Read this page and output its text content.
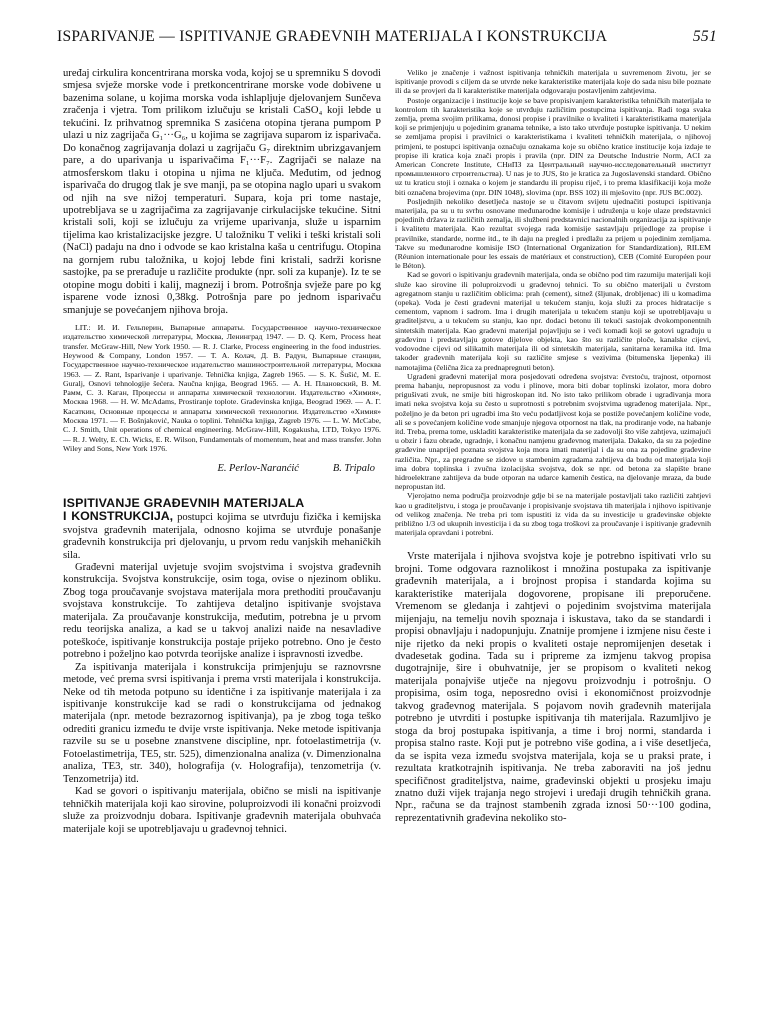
ISPARIVANJE — ISPITIVANJE GRAĐEVNIH MATERIJALA I KONSTRUKCIJA	551

uređaj cirkulira koncentrirana morska voda, kojoj se u spremniku S dovodi smjesa svježe morske vode i pretkoncentrirane morske vode dobivene u bazenima solane, u kojima morska voda ishlapljuje djelovanjem Sunčeva zračenja i vjetra. Tom prilikom izlučuju se kristali CaSO₄ koji lebde u tekućini. Iz prihvatnog spremnika S zasićena otopina tjerana pumpom P ulazi u niz zagrijača G₁···G₆, u kojima se zagrijava suparom iz isparivača. Do konačnog zagrijavanja dolazi u zagrijaču G₇ direktnim ubrizgavanjem pare, a do uparivanja u isparivačima F₁···F₇. Zagrijači se nalaze na atmosferskom tlaku i otopina u njima ne ključa. Međutim, od jednog isparivača do drugog tlak je sve manji, pa se otopina naglo upari u svakom od njih na sve nižoj temperaturi. Supara, koja pri tome nastaje, upotrebljava se u zagrijačima za zagrijavanje cirkulacijske tekućine. Sitni kristali soli, koji se izlučuju za vrijeme uparivanja, služe u isparnim tijelima kao kristalizacijske jezgre. U taložniku T veliki i teški kristali soli (NaCl) padaju na dno i odvode se kao kristalna kaša u centrifugu. Otopina na gornjem rubu taložnika, u kojoj lebde fini kristali, sadrži korisne sastojke, pa se prerađuje u različite produkte (npr. soli za kupanje). Iz te se otopine mogu dobiti i kalij, magnezij i brom. Potrošnja svježe pare po kg isparene vode iznosi 0,38kg. Potrošnja pare po jednom isparivaču smanjuje se povećanjem njihova broja.

LIT.: И. И. Гельперин, Выпарные аппараты. Государственное научно-техническое издательство химической литературы, Москва, Ленинград 1947. — D. Q. Kern, Process heat transfer. McGraw-Hill, New York 1950. — R. J. Clarke, Process engineering in the food industries. Heywood & Company, London 1957. — Т. А. Колач, Д. В. Радун, Выпарные станции, Государственное научно-техническое издательство машиностроительной литературы, Москва 1963. — Z. Rant, Isparivanje i uparivanje. Tehnička knjiga, Zagreb 1965. — S. K. Šušić, M. E. Guralj, Osnovi tehnologije šećera. Naučna knjiga, Beograd 1965. — А. Н. Плановский, В. М. Рамм, С. З. Каган, Процессы и аппараты химической технологии. Издательство «Химия», Москва 1968. — H. W. McAdams, Prostiranje toplote. Građevinska knjiga, Beograd 1969. — А. Г. Касаткин, Основные процессы и аппараты химической технологии. Издательство «Химия» Москва 1971. — F. Bošnjaković, Nauka o toplini. Tehnička knjiga, Zagreb 1976. — L. W. McCabe, C. J. Smith, Unit operations of chemical engineering. McGraw-Hill, Kogakusha, LTD, Tokyo 1976. — R. J. Welty, E. Ch. Wicks, E. R. Wilson, Fundamentals of momentum, heat and mass transfer. John Wiley and Sons, New York 1976.

E. Perlov-Naranćić	B. Tripalo
ISPITIVANJE GRAĐEVNIH MATERIJALA

I KONSTRUKCIJA, postupci kojima se utvrđuju fizička i kemijska svojstva građevnih materijala, odnosno kojima se utvrđuje ponašanje građevnih konstrukcija pri djelovanju, u prvom redu vanjskih mehaničkih sila.

Građevni materijal uvjetuje svojim svojstvima i svojstva građevnih konstrukcija. Svojstva konstrukcije, osim toga, ovise o njezinom obliku. Zbog toga proučavanje svojstava materijala mora prethoditi proučavanju svojstava konstrukcije. To zahtijeva detaljno ispitivanje svojstava materijala. Za proučavanje konstrukcija, međutim, potrebna je u prvom redu teorijska analiza, a kad se u takvoj analizi naiđe na nesavladive poteškoće, ispitivanje konstrukcija postaje prijeko potrebno. Ono je često potrebno i poželjno kao potvrda teorijske analize i ispravnosti izvedbe.

Za ispitivanja materijala i konstrukcija primjenjuju se raznovrsne metode, već prema svrsi ispitivanja i prema vrsti materijala i konstrukcija. Neke od tih metoda potpuno su identične i za ispitivanje materijala i za ispitivanje konstrukcije kad se radi o konstrukcijama od jednakog materijala (npr. metode bezrazornog ispitivanja), pa je zbog toga teško odrediti granicu između te dvije vrste ispitivanja. Neke metode ispitivanja razvile su se u posebne znanstvene discipline, npr. fotoelastimetrija (v. Fotoelastimetrija, TE5, str. 525), dimenzionalna analiza (v. Dimenzionalna analiza, TE3, str. 340), holografija (v. Holografija), tenzometrija (v. Tenzometrija) itd.

Kad se govori o ispitivanju materijala, obično se misli na ispitivanje tehničkih materijala koji kao sirovine, poluproizvodi ili konačni proizvodi služe za proizvodnju dobara. Ispitivanje građevnih materijala obuhvaća materijale koji se upotrebljavaju u građevnoj tehnici.

Veliko je značenje i važnost ispitivanja tehničkih materijala u suvremenom životu, jer se ispitivanje provodi s ciljem da se utvrde neke karakteristike materijala koje do sada nisu bile poznate ili da se provjeri da li karakteristike materijala odgovaraju postavljenim zahtjevima.

Postoje organizacije i institucije koje se bave propisivanjem karakteristika tehničkih materijala te kontrolom tih karakteristika koje se utvrđuju različitim postupcima ispitivanja. Radi toga svaka zemlja, prema svojim prilikama, donosi propise i pravilnike o kvaliteti i karakteristikama materijala koji se primjenjuju u pojedinim granama tehnike, a isto tako utvrđuje postupke ispitivanja. U nekim se zemljama propisi i pravilnici o karakteristikama i kvaliteti tehničkih materijala, o njihovoj primjeni, te postupci ispitivanja označuju oznakama koje su obično kratice institucije koja izdaje te propise ili kratica koja znači propis i pravila (npr. DIN za Deutsche Industrie Norm, ACI za American Concrete Institute, СНиПЗ za Центральный научно-исследовательный институт промышленного строительства). U nas je to JUS, što je kratica za Jugoslavenski standard. Obično uz tu kraticu stoji i oznaka o kojem je standardu ili propisu riječ, i to prema klasifikaciji koja može biti označena brojevima (npr. DIN 1048), slovima (npr. BSS 102) ili mješovito (npr. JUS BC.002).

Posljednjih nekoliko desetljeća nastoje se u čitavom svijetu ujednačiti postupci ispitivanja materijala, pa su u tu svrhu osnovane međunarodne komisije i udruženja u koje ulaze predstavnici pojedinih država iz različitih zemalja, ili službeni predstavnici nacionalnih organizacija za ispitivanje i kvalitetu materijala. Kao rezultat svojega rada komisije sastavljaju prijedloge za propise i pravilnike, standarde, norme itd., te ih daju na pregled i predlažu za prijem u pojedinim zemljama. Takve su međunarodne komisije ISO (International Organization for Standardization), RILEM (Réunion internationale pour les essais de matériaux et construction), CEB (Comité Européen pour le Béton).

Kad se govori o ispitivanju građevnih materijala, onda se obično pod tim razumiju materijali koji služe kao sirovine ili poluproizvodi u građevnoj tehnici. To su obično materijali u čvrstom agregatnom stanju u različitim oblicima: prah (cement), sitnež (šljunak, drobljenac) ili u komadima (opeka). Voda je česti građevni materijal u tekućem stanju, koja služi za proces hidratacije s cementom, vapnom i sadrom. Ima i drugih materijala u tekućem stanju koji se upotrebljavaju u graditeljstvu, a u tekućem su stanju, kao npr. dodaci betonu ili tekući sastojak dvokomponentnih sintetskih materijala. Kao građevni materijal pojavljuju se i veći komadi koji se gotovi ugrađuju u građevinu i predstavljaju gotove dijelove objekta, kao što su različite ploče, kanalske cijevi, vodovodne cijevi od silikatnih materijala ili od sintetskih materijala, sanitarna keramika itd. Ima također građevnih materijala koji su različite smjese s vezivima (bitumenska ljepenka) ili namotajima (čelična žica za prednapregnuti beton).

Ugrađeni građevni materijal mora posjedovati određena svojstva: čvrstoću, trajnost, otpornost prema habanju, nepropusnost za vodu i plinove, mora biti dobar toplinski izolator, mora dobro prigušivati zvuk, ne smije biti higroskopan itd. No isto tako prilikom obrade i ugrađivanja mora imati neka svojstva koja su često u suprotnosti s potrebnim svojstvima ugrađenog materijala. Npr., poželjno je da beton pri ugradbi ima što veću podatljivost koja se postiže povećanjem količine vode, ali se s povećanjem količine vode smanjuje njegova otpornost na tlak, na prodiranje vode, na habanje itd. Treba, prema tome, uskladiti karakteristike materijala da se zadovolji što više zahtjeva, uzimajući u obzir i fazu obrade, ugradnje, i konačnu namjenu građevnog materijala. Dakako, da su za pojedine građevine unaprijed poznata svojstva koja mora imati materijal i da su ona za pojedine građevine različita. Npr., za pregradne se zidove u stambenim zgradama zahtijeva da budu od materijala koji ima dobra toplinska i zvučna izolacijska svojstva, dok se npr. od betona za slapište brane hidroelektrane zahtijeva da bude otporan na udarce kamenih čestica, na djelovanje mraza, da bude nepropustan itd.

Vjerojatno nema područja proizvodnje gdje bi se na materijale postavljali tako različiti zahtjevi kao u graditeljstvu, i stoga je proučavanje i propisivanje svojstava tih materijala i njihovo ispitivanje od velikog značenja. Ne treba pri tom ispustiti iz vida da su investicije u građevinske objekte približno 1/3 od ukupnih investicija i da su zbog toga troškovi za proučavanje i ispitivanje građevnih materijala opravdani i potrebni.

Vrste materijala i njihova svojstva koje je potrebno ispitivati vrlo su brojni. Tome odgovara raznolikost i množina postupaka za ispitivanje građevnih materijala, a i brojnost propisa i standarda kojima su karakteristike materijala dogovorene, propisane ili preporučene. Vremenom se gledanja i zahtjevi o pojedinim svojstvima materijala mijenjaju, na temelju novih spoznaja i iskustava, tako da se standardi i propisi obnavljaju i nadopunjuju. Znatnije promjene i izmjene nisu česte i nije rijetko da neki propis o kvaliteti ostaje nepromijenjen desetak i dvadesetak godina. Tada su i pripreme za izmjenu takvog propisa dugotrajnije, šire i obuhvatnije, jer se propisom o kvaliteti nekog materijala ponajviše utječe na njegovu proizvodnju i potrošnju. O propisima, osim toga, neposredno ovisi i ekonomičnost proizvodnje takvog građevnog materijala. S pojavom novih građevnih materijala potrebno je utvrditi i postupke ispitivanja tih materijala. Razumljivo je stoga da broj postupaka ispitivanja, a time i broj normi, standarda i propisa stalno raste. Koji put je potrebno više godina, a i više desetljeća, da se ispita veza između svojstva materijala, koja se u praksi prate, i rezultata kratkotrajnih ispitivanja. Ne treba zaboraviti na još jednu specifičnost graditeljstva, naime, građevinski objekti u prosjeku imaju znatno duži vijek trajanja nego strojevi i uređaji drugih tehničkih grana. Npr., računa se da trajnost stambenih zgrada iznosi 50···100 godina, reprezentativnih građevina nekoliko sto-
